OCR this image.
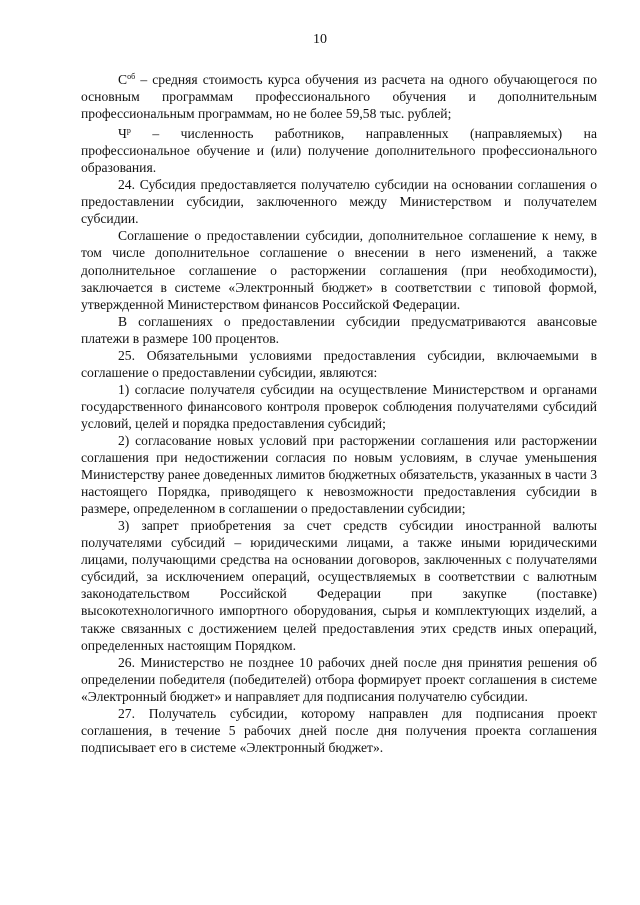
10

$С^{об}$ – средняя стоимость курса обучения из расчета на одного обучающегося по основным программам профессионального обучения и дополнительным профессиональным программам, но не более 59,58 тыс. рублей;

$Ч^р$ – численность работников, направленных (направляемых) на профессиональное обучение и (или) получение дополнительного профессионального образования.

24. Субсидия предоставляется получателю субсидии на основании соглашения о предоставлении субсидии, заключенного между Министерством и получателем субсидии.

Соглашение о предоставлении субсидии, дополнительное соглашение к нему, в том числе дополнительное соглашение о внесении в него изменений, а также дополнительное соглашение о расторжении соглашения (при необходимости), заключается в системе «Электронный бюджет» в соответствии с типовой формой, утвержденной Министерством финансов Российской Федерации.

В соглашениях о предоставлении субсидии предусматриваются авансовые платежи в размере 100 процентов.

25. Обязательными условиями предоставления субсидии, включаемыми в соглашение о предоставлении субсидии, являются:

1) согласие получателя субсидии на осуществление Министерством и органами государственного финансового контроля проверок соблюдения получателями субсидий условий, целей и порядка предоставления субсидий;

2) согласование новых условий при расторжении соглашения или расторжении соглашения при недостижении согласия по новым условиям, в случае уменьшения Министерству ранее доведенных лимитов бюджетных обязательств, указанных в части 3 настоящего Порядка, приводящего к невозможности предоставления субсидии в размере, определенном в соглашении о предоставлении субсидии;

3) запрет приобретения за счет средств субсидии иностранной валюты получателями субсидий – юридическими лицами, а также иными юридическими лицами, получающими средства на основании договоров, заключенных с получателями субсидий, за исключением операций, осуществляемых в соответствии с валютным законодательством Российской Федерации при закупке (поставке) высокотехнологичного импортного оборудования, сырья и комплектующих изделий, а также связанных с достижением целей предоставления этих средств иных операций, определенных настоящим Порядком.

26. Министерство не позднее 10 рабочих дней после дня принятия решения об определении победителя (победителей) отбора формирует проект соглашения в системе «Электронный бюджет» и направляет для подписания получателю субсидии.

27. Получатель субсидии, которому направлен для подписания проект соглашения, в течение 5 рабочих дней после дня получения проекта соглашения подписывает его в системе «Электронный бюджет».
